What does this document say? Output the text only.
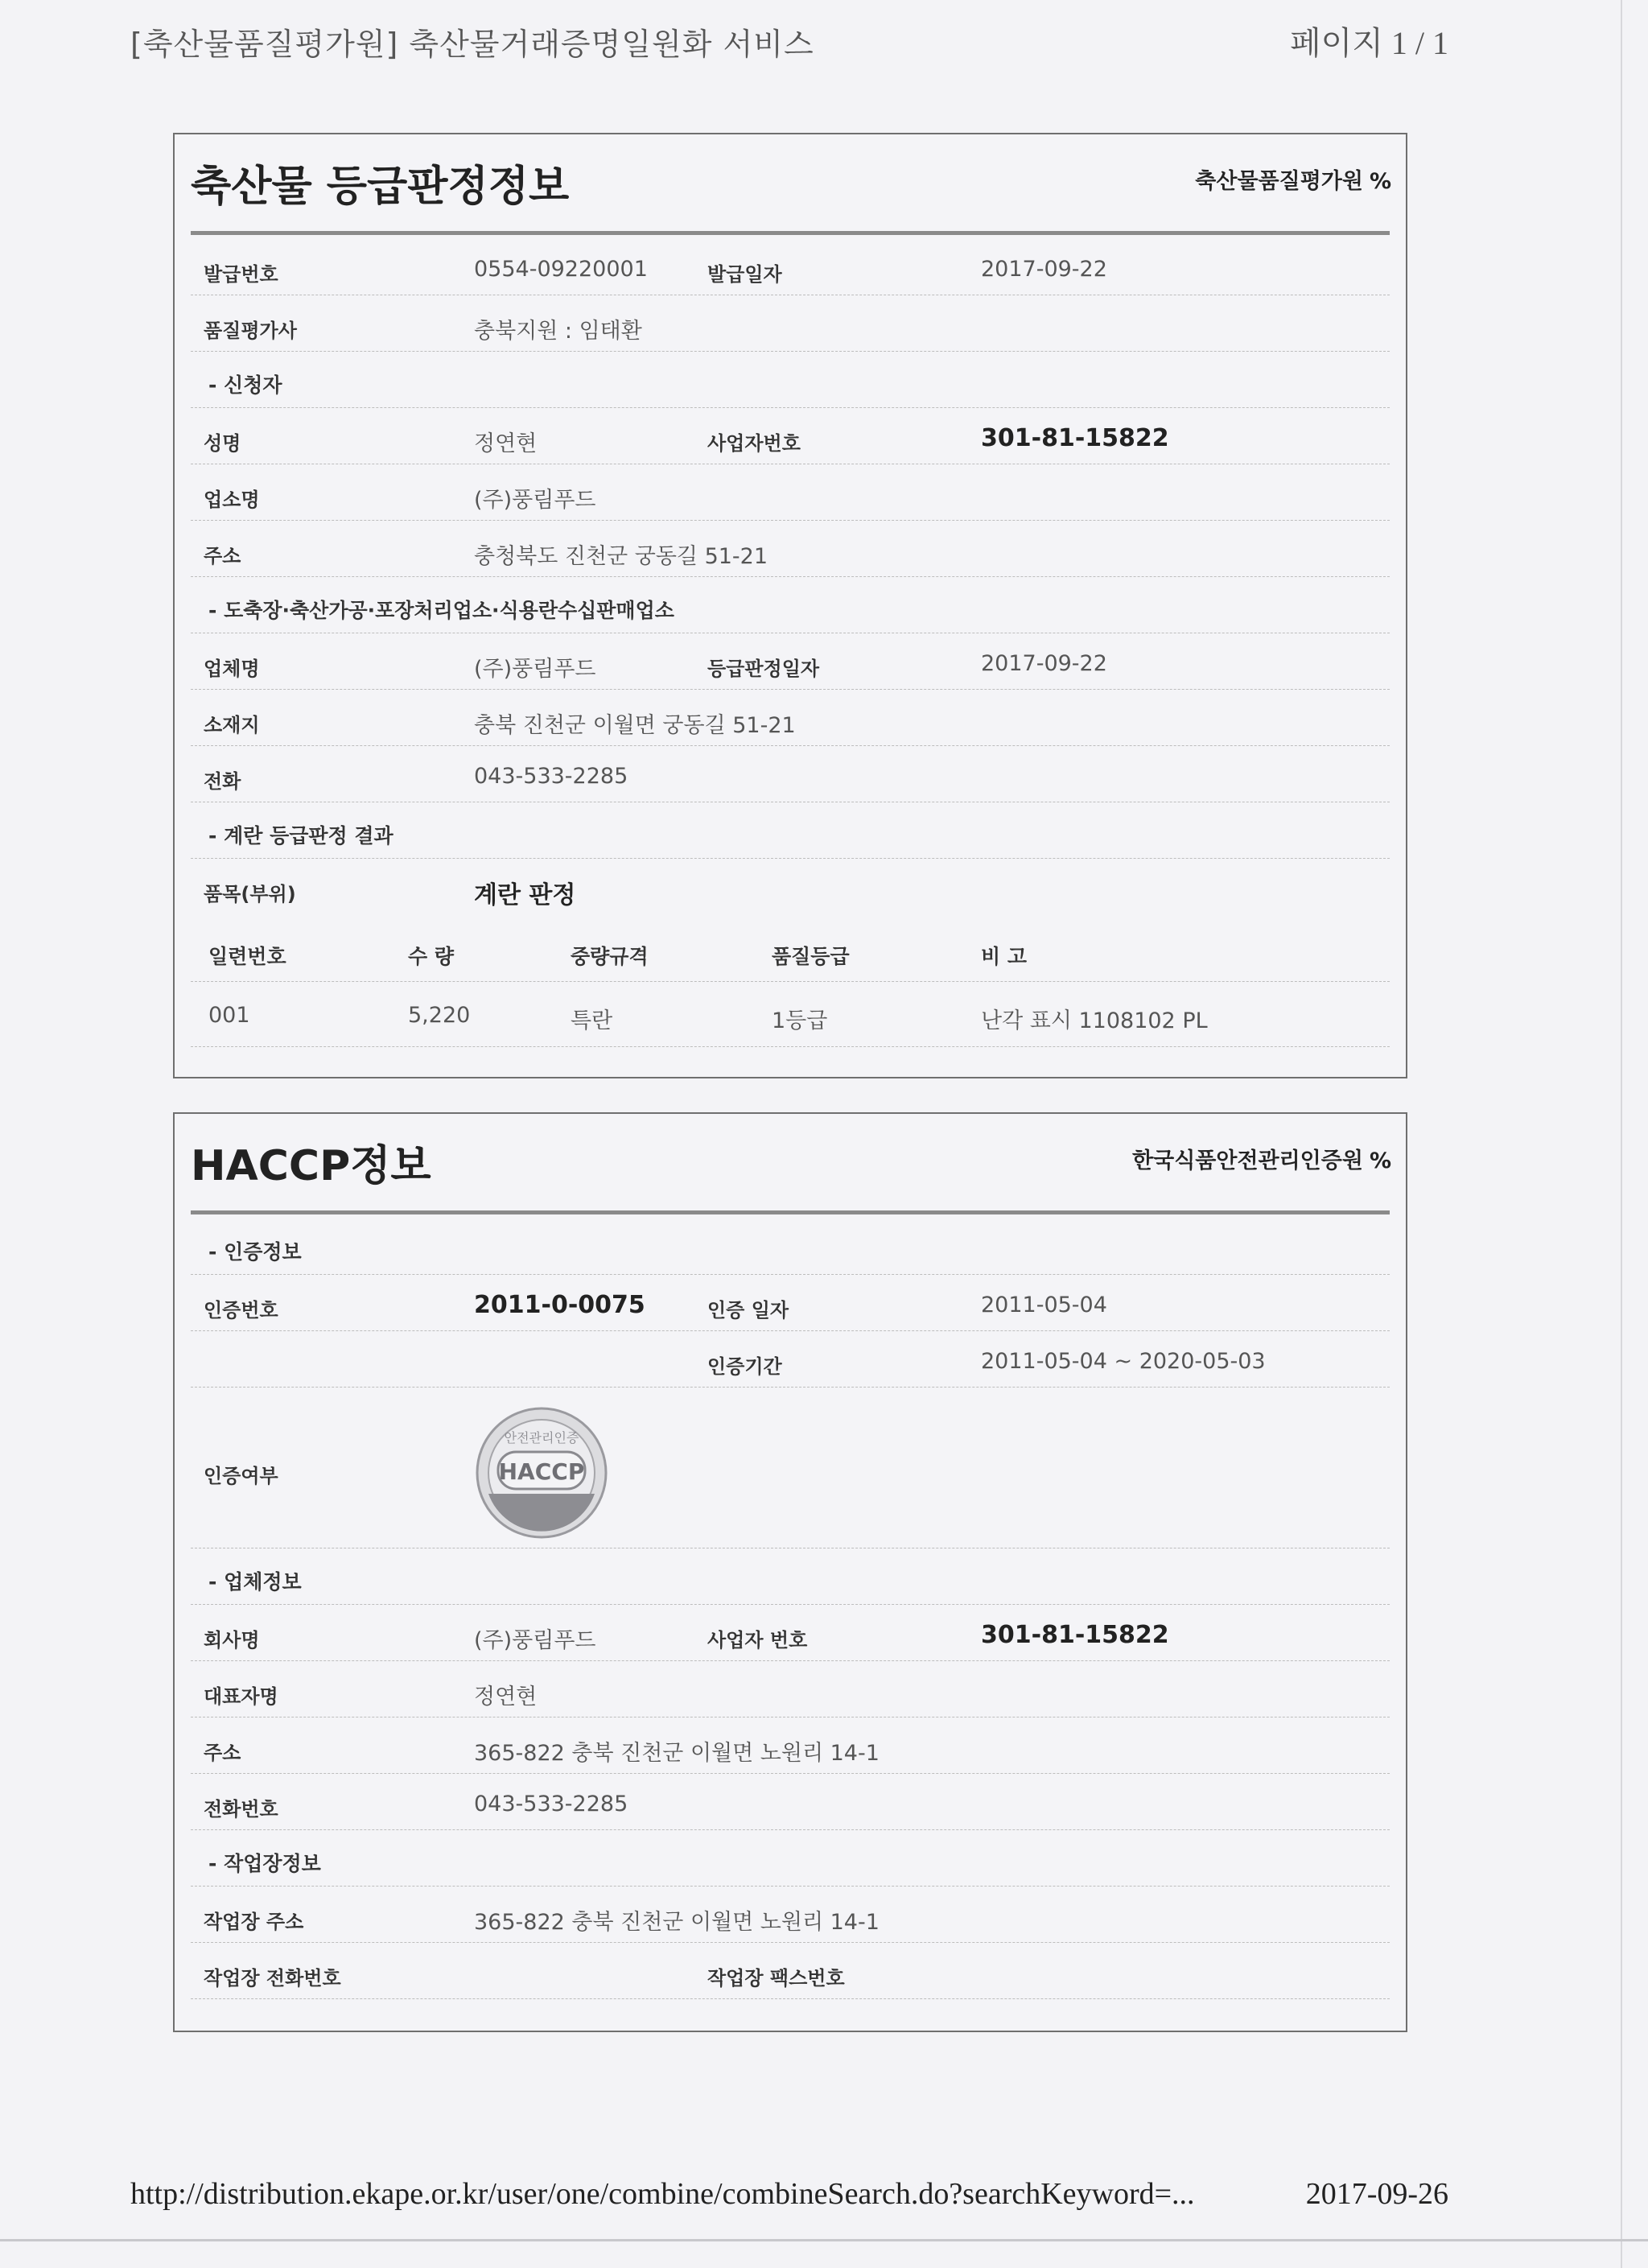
[축산물품질평가원] 축산물거래증명일원화 서비스	페이지 1 / 1
축산물 등급판정정보	축산물품질평가원 %
발급번호	0554-09220001	발급일자	2017-09-22
품질평가사	충북지원 : 임태환
- 신청자
성명	정연현	사업자번호	301-81-15822
업소명	(주)풍림푸드
주소	충청북도 진천군 궁동길 51-21
- 도축장·축산가공·포장처리업소·식용란수십판매업소
업체명	(주)풍림푸드	등급판정일자	2017-09-22
소재지	충북 진천군 이월면 궁동길 51-21
전화	043-533-2285
- 계란 등급판정 결과
품목(부위)	계란 판정
일련번호	수 량	중량규격	품질등급	비 고
001	5,220	특란	1등급	난각 표시 1108102 PL
HACCP정보	한국식품안전관리인증원 %
- 인증정보
인증번호	2011-0-0075	인증 일자	2011-05-04
인증기간	2011-05-04 ~ 2020-05-03
인증여부
안전관리인증
HACCP
- 업체정보
회사명	(주)풍림푸드	사업자 번호	301-81-15822
대표자명	정연현
주소	365-822 충북 진천군 이월면 노원리 14-1
전화번호	043-533-2285
- 작업장정보
작업장 주소	365-822 충북 진천군 이월면 노원리 14-1
작업장 전화번호	작업장 팩스번호
http://distribution.ekape.or.kr/user/one/combine/combineSearch.do?searchKeyword=...	2017-09-26
